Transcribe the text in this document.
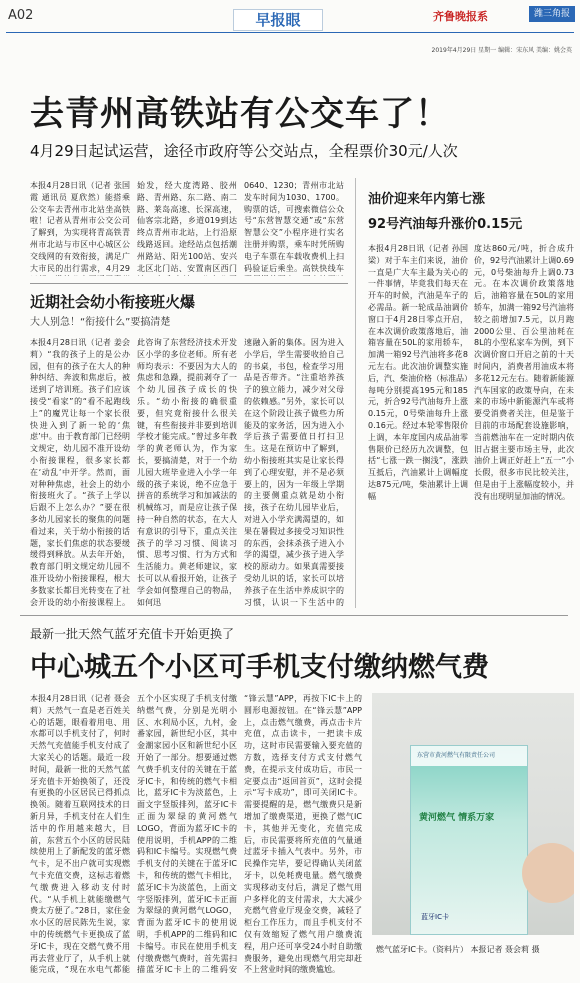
A02	早报眼	齐鲁晚报系	潍三角报
2019年4月29日 星期一 编辑：宋东风 美编：姚会英
去青州高铁站有公交车了！
4月29日起试运营，途径市政府等公交站点，全程票价30元/人次
本报4月28日讯（记者 张国霞 通讯员 夏欣然）能搭乘公交车去青州市北站坐高铁啦！记者从青州市公交公司了解到，为实现将青高铁青州市北站与市区中心城区公交线网的有效衔接，满足广大市民的出行需求，4月29
始发，经大度湾路、胶州路、青州路、东二路、南二路、莱岛高速、长深高速，仙客宗北路，乡道019到达终点青州市北站，上行沿原线路返回。途经站点包括潮州路站、阳光100站、安兴北区北门站、安置南区西门
0640、1230；青州市北站发车时间为1030、1700。购票的话，可搜索微信公众号“东营智慧交通”或“东营智慧公交”小程序进行实名注册并购票，乘车时凭所购电子车票在车载收费机上扫码验证后乘坐。高铁快线车
油价迎来年内第七涨
92号汽油每升涨价0.15元
本报4月28日讯（记者 孙国梁）对于车主们来说，油价一直是广大车主最为关心的一件事情，毕竟我们每天在开车的时候，汽油是车子的必需品。新一轮成品油调价窗口于4月28日零点开启，在本次调价政策落地后，油箱容量在50L的家用轿车，加满一箱92号汽油将多花8元左右。此次油价调整实施后，汽、柴油价格（标准品）每吨分别提高195元和185元，折合92号汽油每升上涨0.15元，0号柴油每升上涨0.16元。经过本轮零售限价上调，本年度国内成品油零售限价已经历九次调整，包括“七涨一跌一搁浅”，涨跌互抵后，汽油累计上调幅度达875元/吨，柴油累计上调幅
度达860元/吨，折合成升价，92号汽油累计上调0.69元，0号柴油每升上调0.73元。在本次调价政策落地后，油箱容量在50L的家用轿车，加满一箱92号汽油将较之前增加7.5元，以月跑2000公里、百公里油耗在8L的小型私家车为例，到下次调价窗口开启之前的十天时间内，消费者用油成本将多花12元左右。随着新能源汽车国家的政策导向，在未来的市场中新能源汽车或将要受消费者关注，但是鉴于目前的市场配套设施影响，当前燃油车在一定时期内依旧占据主要市场主导，此次油价上调正好赶上“五一”小长假，很多市民比较关注，但是由于上涨幅度较小，并没有出现明显加油的情况。
近期社会幼小衔接班火爆
大人别急！“衔接什么”要搞清楚
本报4月28日讯（记者 姜会莉）“我的孩子上的是公办园，但有的孩子在大人的种种纠结、奔波和焦虑后，被送到了培训班。孩子们应该接受“看家”的“看不起跑线上”的魔咒让每一个家长很快进入到了新一轮的‘焦虑’中。由于教育部门已经明文规定，幼儿园不准开设幼小衔接课程，很多家长都在‘动乱’中开学。然而，面对种种焦虑，社会上的幼小衔接班火了。“孩子上学以后跟不上怎么办？”要在很多幼儿园家长的聚焦的问题看过来，关于幼小衔接的话题，家长们焦虑的状态要缓缓得到释放。从去年开始，教育部门明文规定幼儿园不准开设幼小衔接课程，根大多数家长都目光转变在了社会开设的幼小衔接课程上。
此咨询了东营经济技术开发区小学的多位老师。所有老师均表示：不要因为大人的焦虑和急躁，提前剥夺了一个幼儿园孩子成长的快乐。“幼小衔接的确很重要，但究竟衔接什么很关键，有些衔接并非要到培训学校才能完成。”曾过多年教学的黄老师认为，作为家长，要搞清楚，对于一个幼儿园大班毕业进入小学一年级的孩子来说，绝不应急于拼音的系统学习和加减法的机械练习，而是应让孩子保持一种自然的状态，在大人有意识的引导下，重点关注孩子的学习习惯、阅读习惯、思考习惯、行为方式和生活能力。黄老师建议，家长可以从看报开始，让孩子学会如何整理自己的物品，如何迅
速融入新的集体。因为进入小学后，学生需要收拾自己的书桌，书包，检查学习用品是否带齐。“注重培养孩子的独立能力，减少对父母的依赖感。”另外，家长可以在这个阶段让孩子做些力所能及的家务活，因为进入小学后孩子需要值日打扫卫生。这是在预访中了解到，幼小衔接班其实是让家长得到了心理安慰，并不是必须要上的，因为一年级上学期的主要侧重点就是幼小衔接，孩子在幼儿园毕业后，对进入小学充满渴望的，如果在暑假过多接受习知识性的东西，会抹杀孩子进入小学的渴望，减少孩子进入学校的原动力。如果真需要接受幼儿识的话，家长可以培养孩子在生活中养成识字的习惯，认识一下生活中的
最新一批天然气蓝牙充值卡开始更换了
中心城五个小区可手机支付缴纳燃气费
本报4月28日讯（记者 聂会莉）天然气一直是老百姓关心的话题，眼看着用电、用水都可以手机支付了，何时天然气充值能手机支付成了大家关心的话题。最近一段时间，最新一批的天然气蓝牙充值卡开始换领了，还没有更换的小区居民已得抓点换领。随着互联网技术的日新月异，手机支付在人们生活中的作用越来越大，目前，东营五个小区的居民陆续使用上了新配发的蓝牙燃气卡，足不出户就可实现燃气卡充值交费，这标志着燃气缴费进入移动支付时代。“从手机上就能缴燃气费太方便了。”28日，家住金水小区的居民陈先生说，家中的传统燃气卡更换成了蓝牙IC卡，现在交燃气费不用再去营业厅了，从手机上就能完成，“现在水电气都能
五个小区实现了手机支付缴纳燃气费，分别是光明小区、水利局小区，九村，金番家园，新世纪小区，其中金潮家园小区和新世纪小区开始了一部分。想要通过燃气费手机支付的关键在于蓝牙IC卡，和传统的燃气卡相比，蓝牙IC卡为淡蓝色，上面文字竖版排列，蓝牙IC卡正面为翠绿的黄河燃气LOGO，背面为蓝牙IC卡的使用说明，手机APP的二维码和IC卡编号。实现燃气费手机支付的关键在于蓝牙IC卡，和传统的燃气卡相比，蓝牙IC卡为淡蓝色，上面文字竖版排列，蓝牙IC卡正面为翠绿的黄河燃气LOGO，背面为蓝牙IC卡的使用说明，手机APP的二维码和IC卡编号。市民在使用手机支付缴费燃气费时，首先需扫描蓝牙IC卡上的二维码安
“锋云慧”APP，再按下IC卡上的圆形电源按钮。在“锋云慧”APP上，点击燃气缴费，再点击卡片充值，点击读卡，一把读卡成功，这时市民需要输入要充值的方数，选择支付方式支付燃气费，在提示支付成功后，市民一定要点击“返回首页”，这时会提示“写卡成功”，即可关闭IC卡。需要提醒的是，燃气缴费只是新增加了缴费渠道，更换了燃气IC卡，其他并无变化，充值完成后，市民需要将所充值的气量通过蓝牙卡插入气表中。另外，市民操作完毕，要记得确认关闭蓝牙卡，以免耗费电量。燃气缴费实现移动支付后，满足了燃气用户多样化的支付需求，大大减少充燃气营业厅现金交费，减轻了柜台工作压力，而且手机支付不仅有效缩短了燃气用户缴费流程，用户还可享受24小时自助缴费服务，避免出现燃气用完却赶不上营业时间的缴费尴尬。
东营市黄河燃气有限责任公司
黄河燃气 情系万家
蓝牙IC卡
燃气蓝牙IC卡。（资料片） 本报记者 聂会莉 摄
